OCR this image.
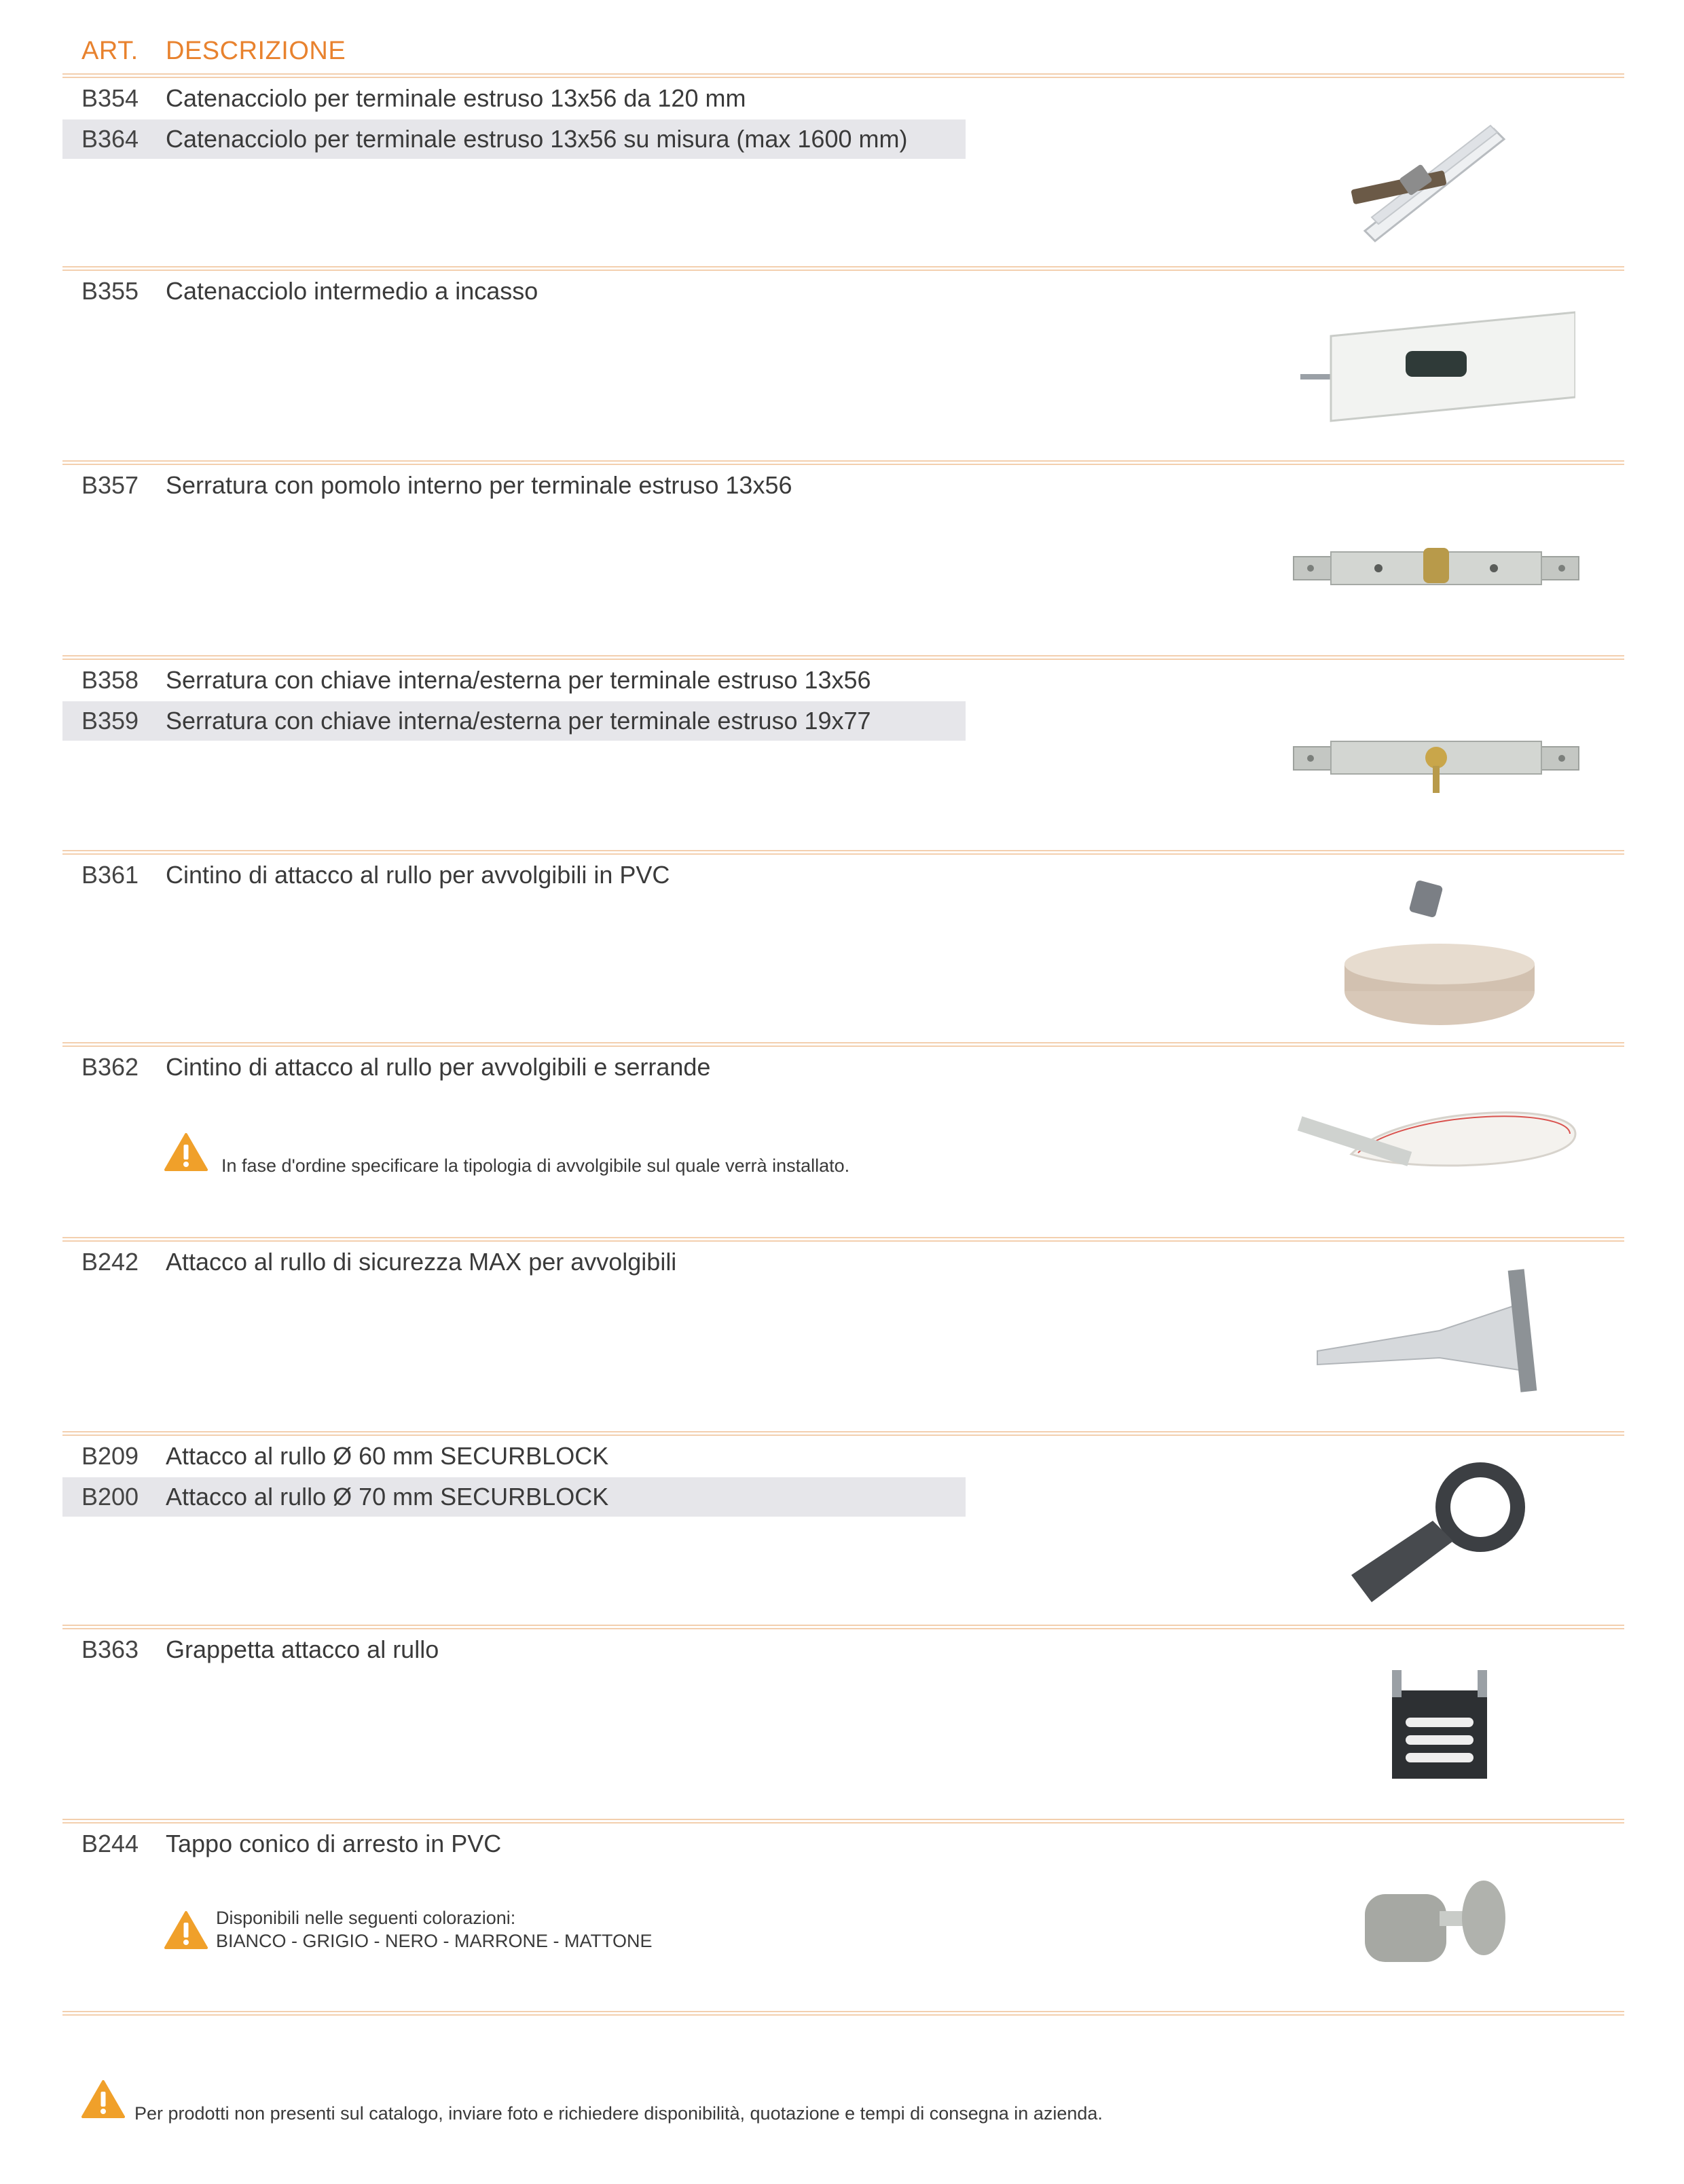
ART. DESCRIZIONE
B354 Catenacciolo per terminale estruso 13x56 da 120 mm
B364 Catenacciolo per terminale estruso 13x56 su misura (max 1600 mm)
B355 Catenacciolo intermedio a incasso
B357 Serratura con pomolo interno per terminale estruso 13x56
B358 Serratura con chiave interna/esterna per terminale estruso 13x56
B359 Serratura con chiave interna/esterna per terminale estruso 19x77
B361 Cintino di attacco al rullo per avvolgibili in PVC
B362 Cintino di attacco al rullo per avvolgibili e serrande
B242 Attacco al rullo di sicurezza MAX per avvolgibili
B209 Attacco al rullo Ø 60 mm SECURBLOCK
B200 Attacco al rullo Ø 70 mm SECURBLOCK
B363 Grappetta attacco al rullo
B244 Tappo conico di arresto in PVC
In fase d'ordine specificare la tipologia di avvolgibile sul quale verrà installato.
Disponibili nelle seguenti colorazioni:
BIANCO - GRIGIO - NERO - MARRONE - MATTONE
Per prodotti non presenti sul catalogo, inviare foto e richiedere disponibilità, quotazione e tempi di consegna in azienda.
